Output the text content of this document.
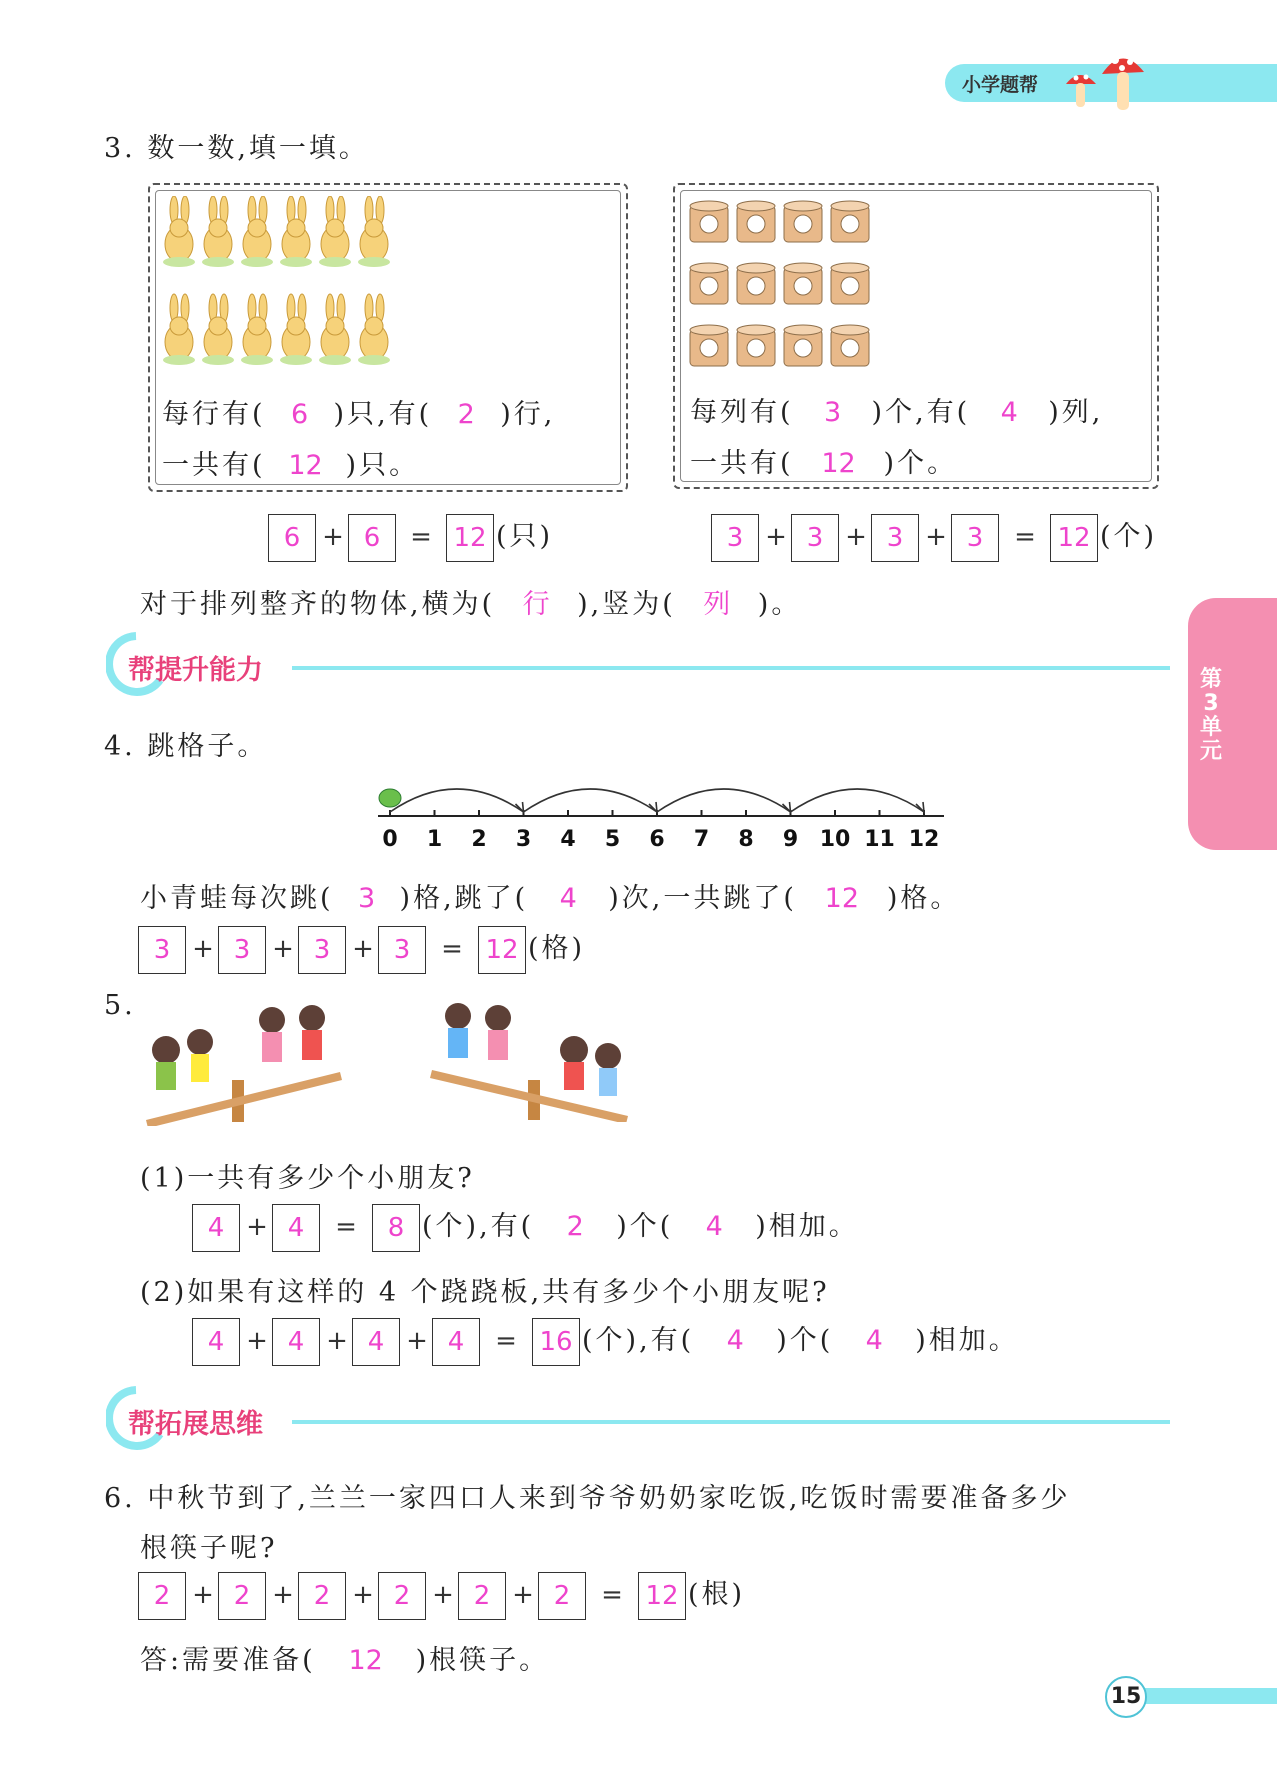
小学题帮
第3单元
3. 数一数,填一填。
每行有( 6 )只,有( 2 )行,
一共有( 12 )只。
每列有( 3 )个,有( 4 )列,
一共有( 12 )个。
6 + 6	= 12 (只)	3 + 3 + 3 + 3	= 12 (个)
对于排列整齐的物体,横为( 行 ),竖为( 列 )。
帮提升能力
4. 跳格子。
0 1 2 3 4 5 6 7 8 9 10 11 12
小青蛙每次跳( 3 )格,跳了( 4 )次,一共跳了( 12 )格。
3 + 3 + 3 + 3	= 12 (格)
5.
(1)一共有多少个小朋友?
4 + 4	=	8 (个),有( 2 )个( 4 )相加。
(2)如果有这样的 4 个跷跷板,共有多少个小朋友呢?
4 + 4 + 4 + 4	= 16 (个),有( 4 )个( 4 )相加。
帮拓展思维
6. 中秋节到了,兰兰一家四口人来到爷爷奶奶家吃饭,吃饭时需要准备多少
根筷子呢?
2 + 2 + 2 + 2 + 2 + 2	= 12 (根)
答:需要准备( 12 )根筷子。
15
